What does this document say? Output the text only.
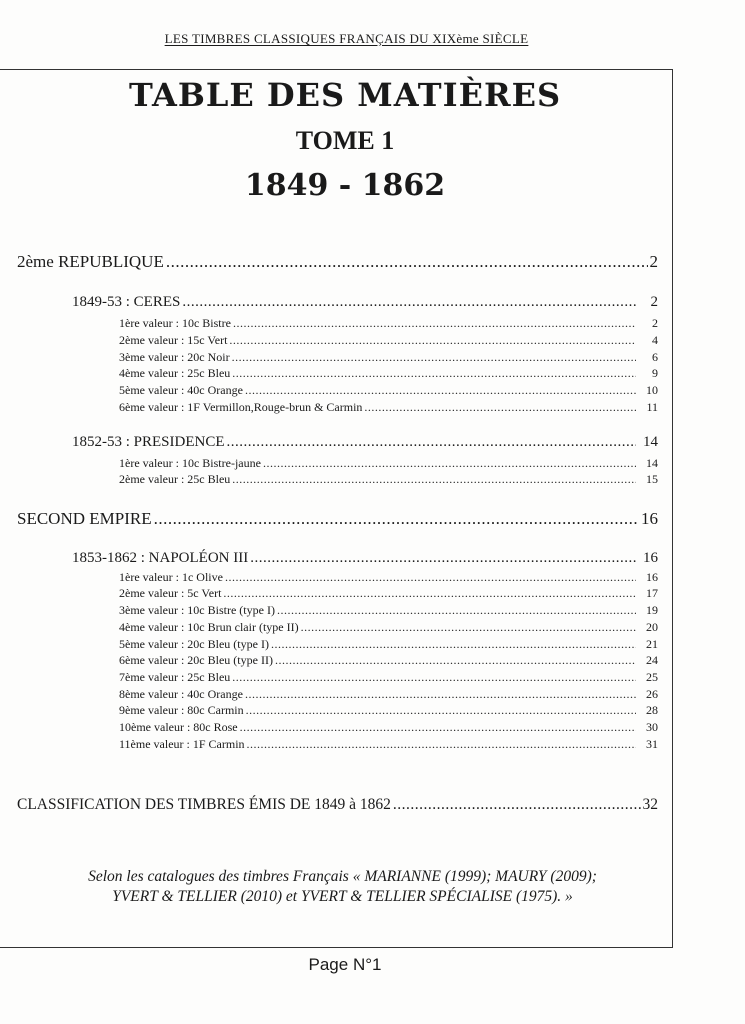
LES TIMBRES CLASSIQUES FRANÇAIS DU XIXème SIÈCLE
TABLE DES MATIÈRES
TOME 1
1849 - 1862
2ème REPUBLIQUE .....	2
1849-53 : CERES .....	2
1ère valeur : 10c Bistre .....	2
2ème valeur : 15c Vert .....	4
3ème valeur : 20c Noir .....	6
4ème valeur : 25c Bleu .....	9
5ème valeur : 40c Orange .....	10
6ème valeur : 1F Vermillon,Rouge-brun & Carmin .....	11
1852-53 : PRESIDENCE .....	14
1ère valeur : 10c Bistre-jaune .....	14
2ème valeur : 25c Bleu .....	15
SECOND EMPIRE .....	16
1853-1862 : NAPOLÉON III .....	16
1ère valeur : 1c Olive .....	16
2ème valeur : 5c Vert .....	17
3ème valeur : 10c Bistre (type I) .....	19
4ème valeur : 10c Brun clair (type II) .....	20
5ème valeur : 20c Bleu (type I) .....	21
6ème valeur : 20c Bleu (type II) .....	24
7ème valeur : 25c Bleu .....	25
8ème valeur : 40c Orange .....	26
9ème valeur : 80c Carmin .....	28
10ème valeur : 80c Rose .....	30
11ème valeur : 1F Carmin .....	31
CLASSIFICATION DES TIMBRES ÉMIS DE 1849 à 1862 .....	32
Selon les catalogues des timbres Français « MARIANNE (1999); MAURY (2009);
YVERT & TELLIER (2010) et YVERT & TELLIER SPÉCIALISE (1975). »
Page N°1
